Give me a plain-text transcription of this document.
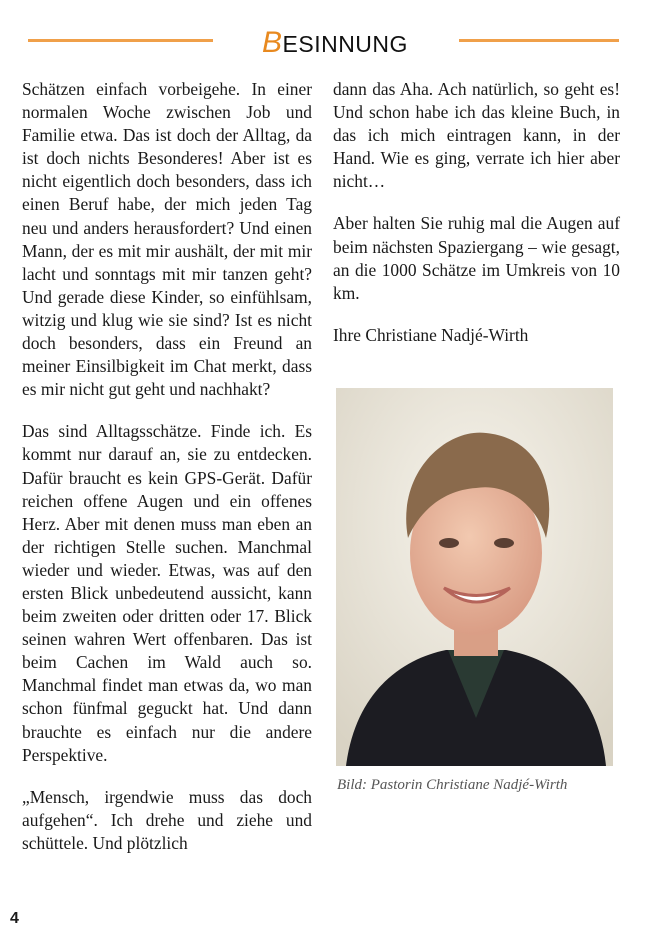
BESINNUNG

Schätzen einfach vorbeigehe. In einer normalen Woche zwischen Job und Familie etwa. Das ist doch der Alltag, da ist doch nichts Besonderes! Aber ist es nicht eigentlich doch besonders, dass ich einen Beruf habe, der mich jeden Tag neu und anders herausfordert? Und einen Mann, der es mit mir aushält, der mit mir lacht und sonntags mit mir tanzen geht? Und gerade diese Kinder, so einfühlsam, witzig und klug wie sie sind? Ist es nicht doch besonders, dass ein Freund an meiner Einsilbigkeit im Chat merkt, dass es mir nicht gut geht und nachhakt?

Das sind Alltagsschätze. Finde ich. Es kommt nur darauf an, sie zu entdecken. Dafür braucht es kein GPS-Gerät. Dafür reichen offene Augen und ein offenes Herz. Aber mit denen muss man eben an der richtigen Stelle suchen. Manchmal wieder und wieder. Etwas, was auf den ersten Blick unbedeutend aussicht, kann beim zweiten oder dritten oder 17. Blick seinen wahren Wert offenbaren. Das ist beim Cachen im Wald auch so. Manchmal findet man etwas da, wo man schon fünfmal geguckt hat. Und dann brauchte es einfach nur die andere Perspektive.

„Mensch, irgendwie muss das doch aufgehen“. Ich drehe und ziehe und schüttele. Und plötzlich

dann das Aha. Ach natürlich, so geht es! Und schon habe ich das kleine Buch, in das ich mich eintragen kann, in der Hand. Wie es ging, verrate ich hier aber nicht…

Aber halten Sie ruhig mal die Augen auf beim nächsten Spaziergang – wie gesagt, an die 1000 Schätze im Umkreis von 10 km.

Ihre Christiane Nadjé-Wirth

Bild: Pastorin Christiane Nadjé-Wirth
4
